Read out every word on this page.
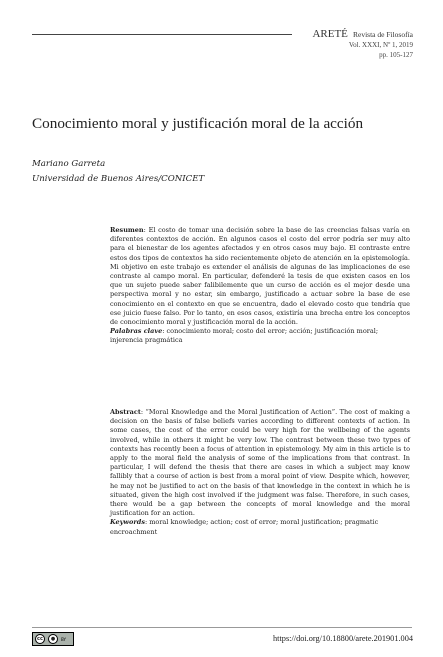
ARETÉ Revista de Filosofía
Vol. XXXI, Nº 1, 2019
pp. 105-127
Conocimiento moral y justificación moral de la acción
Mariano Garreta
Universidad de Buenos Aires/CONICET

Resumen: El costo de tomar una decisión sobre la base de las creencias falsas varía en diferentes contextos de acción. En algunos casos el costo del error podría ser muy alto para el bienestar de los agentes afectados y en otros casos muy bajo. El contraste entre estos dos tipos de contextos ha sido recientemente objeto de atención en la epistemología. Mi objetivo en este trabajo es extender el análisis de algunas de las implicaciones de ese contraste al campo moral. En particular, defenderé la tesis de que existen casos en los que un sujeto puede saber falibilemente que un curso de acción es el mejor desde una perspectiva moral y no estar, sin embargo, justificado a actuar sobre la base de ese conocimiento en el contexto en que se encuentra, dado el elevado costo que tendría que ese juicio fuese falso. Por lo tanto, en esos casos, existiría una brecha entre los conceptos de conocimiento moral y justificación moral de la acción.

Palabras clave: conocimiento moral; costo del error; acción; justificación moral; injerencia pragmática

Abstract: “Moral Knowledge and the Moral Justification of Action”. The cost of making a decision on the basis of false beliefs varies according to different contexts of action. In some cases, the cost of the error could be very high for the wellbeing of the agents involved, while in others it might be very low. The contrast between these two types of contexts has recently been a focus of attention in epistemology. My aim in this article is to apply to the moral field the analysis of some of the implications from that contrast. In particular, I will defend the thesis that there are cases in which a subject may know fallibly that a course of action is best from a moral point of view. Despite which, however, he may not be justified to act on the basis of that knowledge in the context in which he is situated, given the high cost involved if the judgment was false. Therefore, in such cases, there would be a gap between the concepts of moral knowledge and the moral justification for an action.

Keywords: moral knowledge; action; cost of error; moral justification; pragmatic encroachment

cc	●	BY	https://doi.org/10.18800/arete.201901.004
